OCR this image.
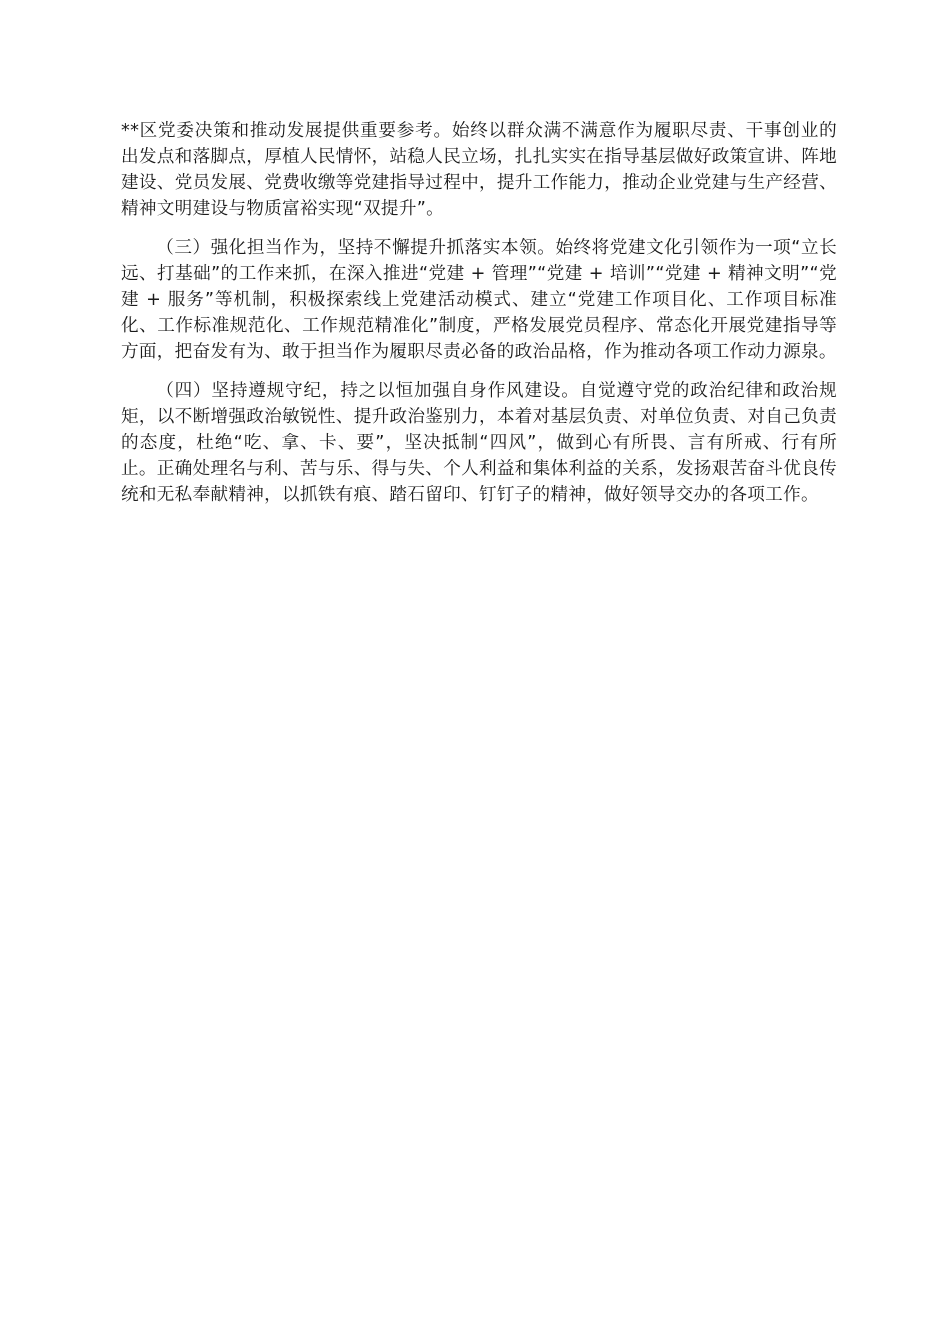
**区党委决策和推动发展提供重要参考。始终以群众满不满意作为履职尽责、干事创业的出发点和落脚点，厚植人民情怀，站稳人民立场，扎扎实实在指导基层做好政策宣讲、阵地建设、党员发展、党费收缴等党建指导过程中，提升工作能力，推动企业党建与生产经营、精神文明建设与物质富裕实现“双提升”。

（三）强化担当作为，坚持不懈提升抓落实本领。始终将党建文化引领作为一项“立长远、打基础”的工作来抓，在深入推进“党建 + 管理”“党建 + 培训”“党建 + 精神文明”“党建 + 服务”等机制，积极探索线上党建活动模式、建立“党建工作项目化、工作项目标准化、工作标准规范化、工作规范精准化”制度，严格发展党员程序、常态化开展党建指导等方面，把奋发有为、敢于担当作为履职尽责必备的政治品格，作为推动各项工作动力源泉。

（四）坚持遵规守纪，持之以恒加强自身作风建设。自觉遵守党的政治纪律和政治规矩，以不断增强政治敏锐性、提升政治鉴别力，本着对基层负责、对单位负责、对自己负责的态度，杜绝“吃、拿、卡、要”，坚决抵制“四风”，做到心有所畏、言有所戒、行有所止。正确处理名与利、苦与乐、得与失、个人利益和集体利益的关系，发扬艰苦奋斗优良传统和无私奉献精神，以抓铁有痕、踏石留印、钉钉子的精神，做好领导交办的各项工作。
